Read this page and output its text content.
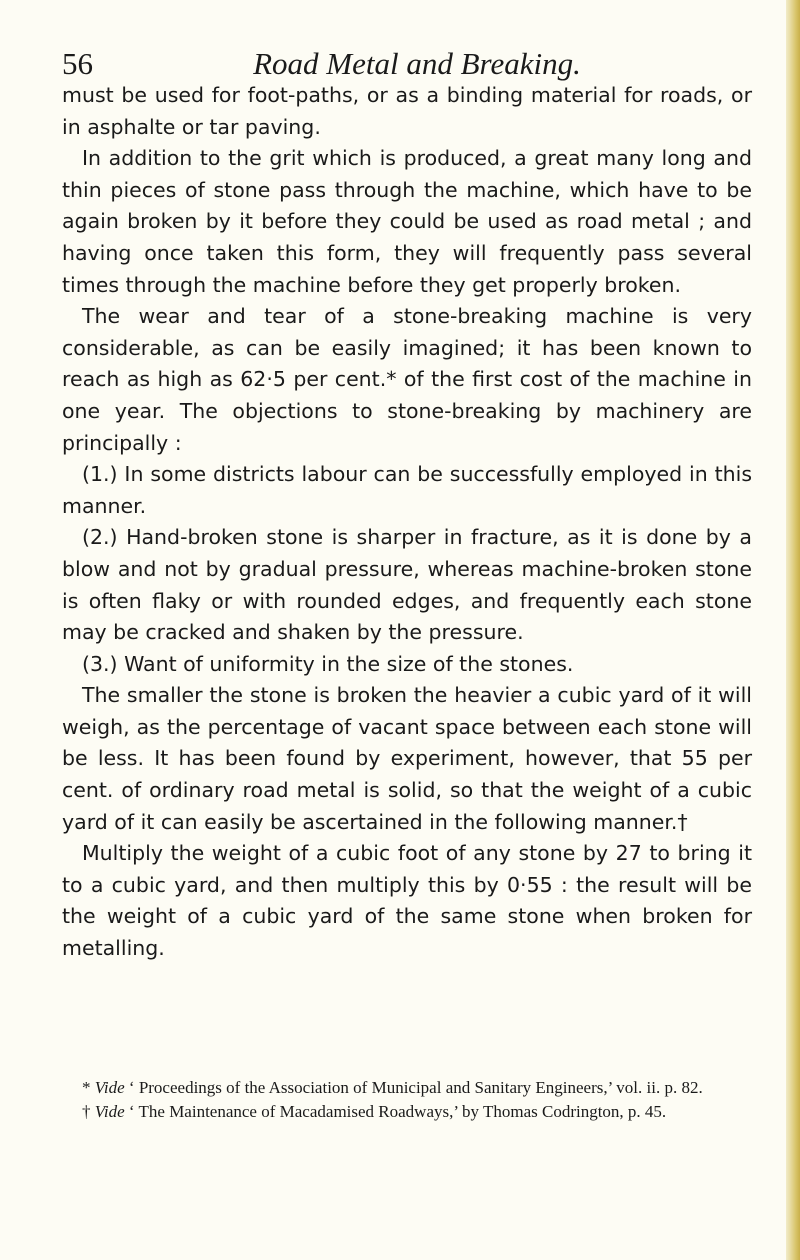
56	Road Metal and Breaking.

must be used for foot-paths, or as a binding material for roads, or in asphalte or tar paving.

In addition to the grit which is produced, a great many long and thin pieces of stone pass through the machine, which have to be again broken by it before they could be used as road metal ; and having once taken this form, they will frequently pass several times through the machine before they get properly broken.

The wear and tear of a stone-breaking machine is very considerable, as can be easily imagined; it has been known to reach as high as 62·5 per cent.* of the first cost of the machine in one year. The objections to stone-breaking by machinery are principally :

(1.) In some districts labour can be successfully employed in this manner.

(2.) Hand-broken stone is sharper in fracture, as it is done by a blow and not by gradual pressure, whereas machine-broken stone is often flaky or with rounded edges, and frequently each stone may be cracked and shaken by the pressure.

(3.) Want of uniformity in the size of the stones.

The smaller the stone is broken the heavier a cubic yard of it will weigh, as the percentage of vacant space between each stone will be less. It has been found by experiment, however, that 55 per cent. of ordinary road metal is solid, so that the weight of a cubic yard of it can easily be ascertained in the following manner.†

Multiply the weight of a cubic foot of any stone by 27 to bring it to a cubic yard, and then multiply this by 0·55 : the result will be the weight of a cubic yard of the same stone when broken for metalling.

* Vide ‘ Proceedings of the Association of Municipal and Sanitary Engineers,’ vol. ii. p. 82.

† Vide ‘ The Maintenance of Macadamised Roadways,’ by Thomas Codrington, p. 45.
